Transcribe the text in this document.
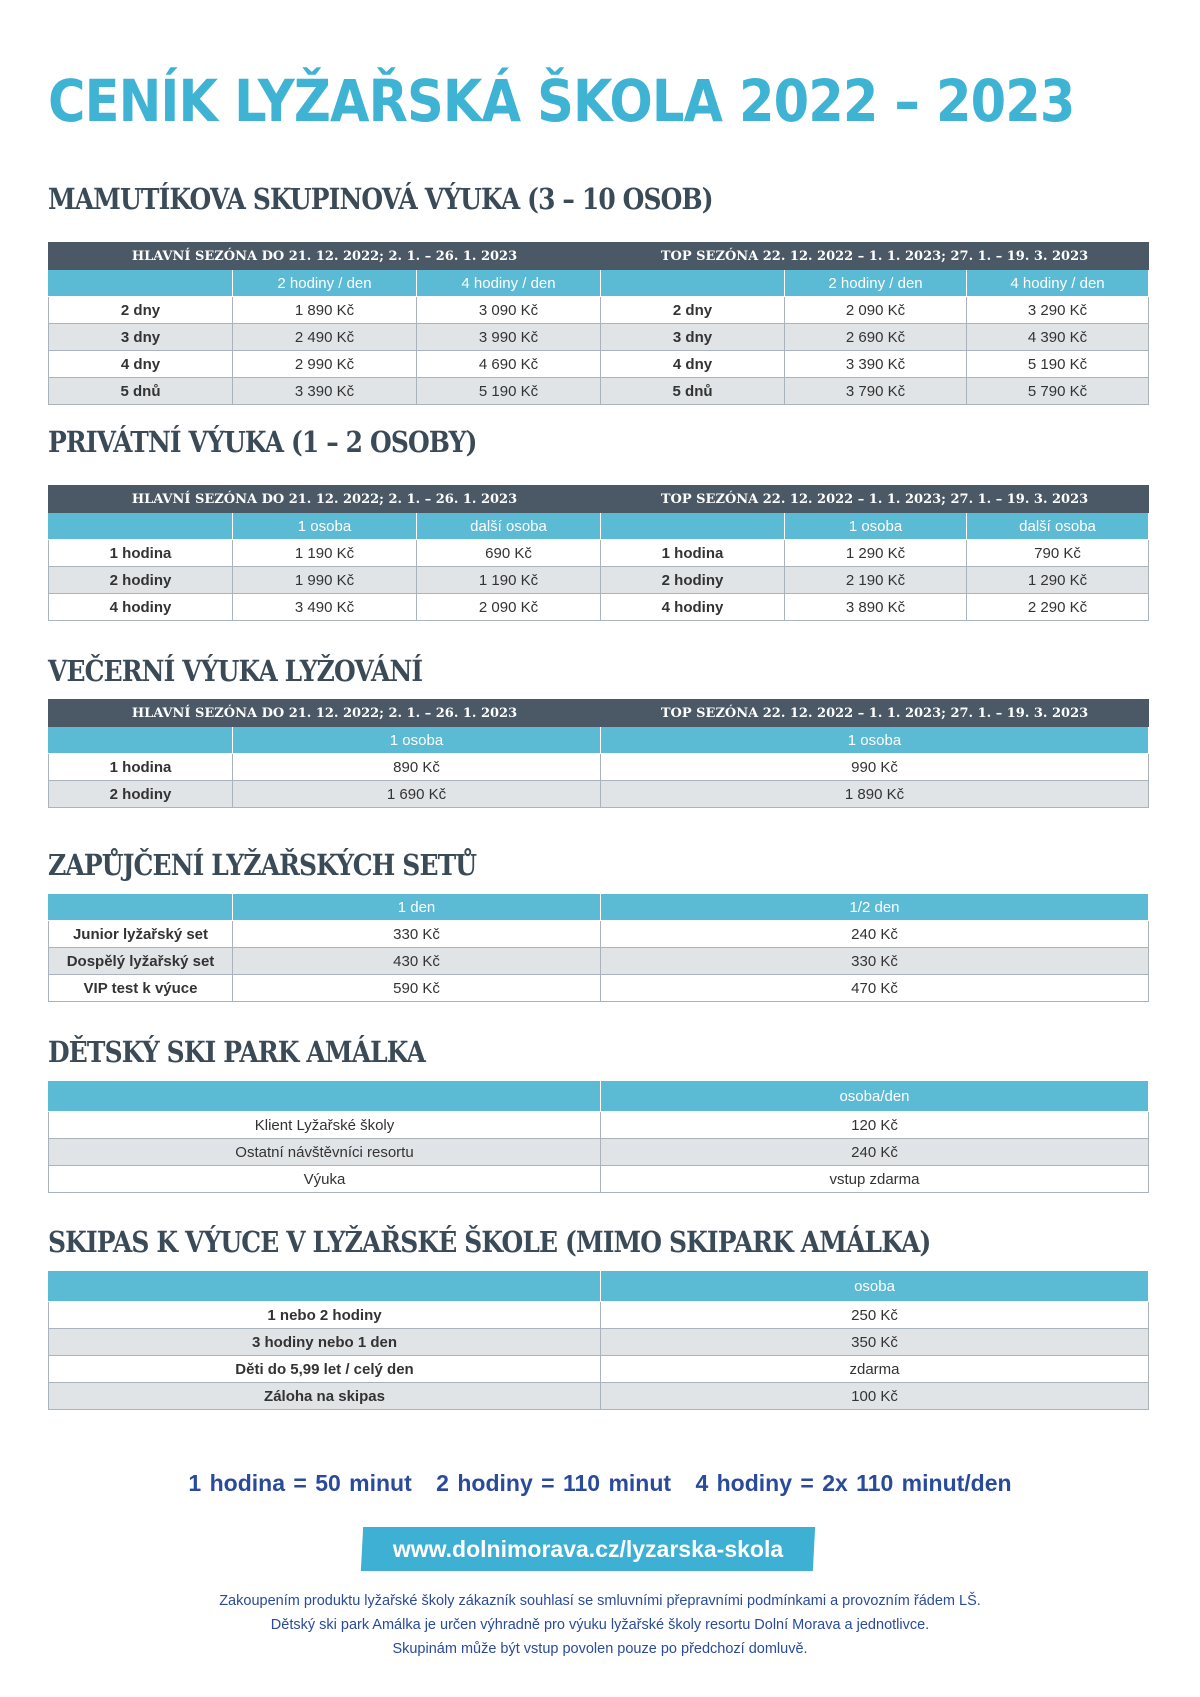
CENÍK LYŽAŘSKÁ ŠKOLA 2022 – 2023
MAMUTÍKOVA SKUPINOVÁ VÝUKA (3 – 10 OSOB)
HLAVNÍ SEZÓNA DO 21. 12. 2022; 2. 1. – 26. 1. 2023			TOP SEZÓNA 22. 12. 2022 – 1. 1. 2023; 27. 1. – 19. 3. 2023		
	2 hodiny / den	4 hodiny / den		2 hodiny / den	4 hodiny / den
2 dny	1 890 Kč	3 090 Kč	2 dny	2 090 Kč	3 290 Kč
3 dny	2 490 Kč	3 990 Kč	3 dny	2 690 Kč	4 390 Kč
4 dny	2 990 Kč	4 690 Kč	4 dny	3 390 Kč	5 190 Kč
5 dnů	3 390 Kč	5 190 Kč	5 dnů	3 790 Kč	5 790 Kč
PRIVÁTNÍ VÝUKA (1 – 2 OSOBY)
HLAVNÍ SEZÓNA DO 21. 12. 2022; 2. 1. – 26. 1. 2023			TOP SEZÓNA 22. 12. 2022 – 1. 1. 2023; 27. 1. – 19. 3. 2023		
	1 osoba	další osoba		1 osoba	další osoba
1 hodina	1 190 Kč	690 Kč	1 hodina	1 290 Kč	790 Kč
2 hodiny	1 990 Kč	1 190 Kč	2 hodiny	2 190 Kč	1 290 Kč
4 hodiny	3 490 Kč	2 090 Kč	4 hodiny	3 890 Kč	2 290 Kč
VEČERNÍ VÝUKA LYŽOVÁNÍ
HLAVNÍ SEZÓNA DO 21. 12. 2022; 2. 1. – 26. 1. 2023		TOP SEZÓNA 22. 12. 2022 – 1. 1. 2023; 27. 1. – 19. 3. 2023
	1 osoba	1 osoba
1 hodina	890 Kč	990 Kč
2 hodiny	1 690 Kč	1 890 Kč
ZAPŮJČENÍ LYŽAŘSKÝCH SETŮ
	1 den	1/2 den
Junior lyžařský set	330 Kč	240 Kč
Dospělý lyžařský set	430 Kč	330 Kč
VIP test k výuce	590 Kč	470 Kč
DĚTSKÝ SKI PARK AMÁLKA
	osoba/den
Klient Lyžařské školy	120 Kč
Ostatní návštěvníci resortu	240 Kč
Výuka	vstup zdarma
SKIPAS K VÝUCE V LYŽAŘSKÉ ŠKOLE (MIMO SKIPARK AMÁLKA)
	osoba
1 nebo 2 hodiny	250 Kč
3 hodiny nebo 1 den	350 Kč
Děti do 5,99 let / celý den	zdarma
Záloha na skipas	100 Kč
1 hodina = 50 minut 2 hodiny = 110 minut 4 hodiny = 2x 110 minut/den
www.dolnimorava.cz/lyzarska-skola
Zakoupením produktu lyžařské školy zákazník souhlasí se smluvními přepravními podmínkami a provozním řádem LŠ.
Dětský ski park Amálka je určen výhradně pro výuku lyžařské školy resortu Dolní Morava a jednotlivce.
Skupinám může být vstup povolen pouze po předchozí domluvě.
